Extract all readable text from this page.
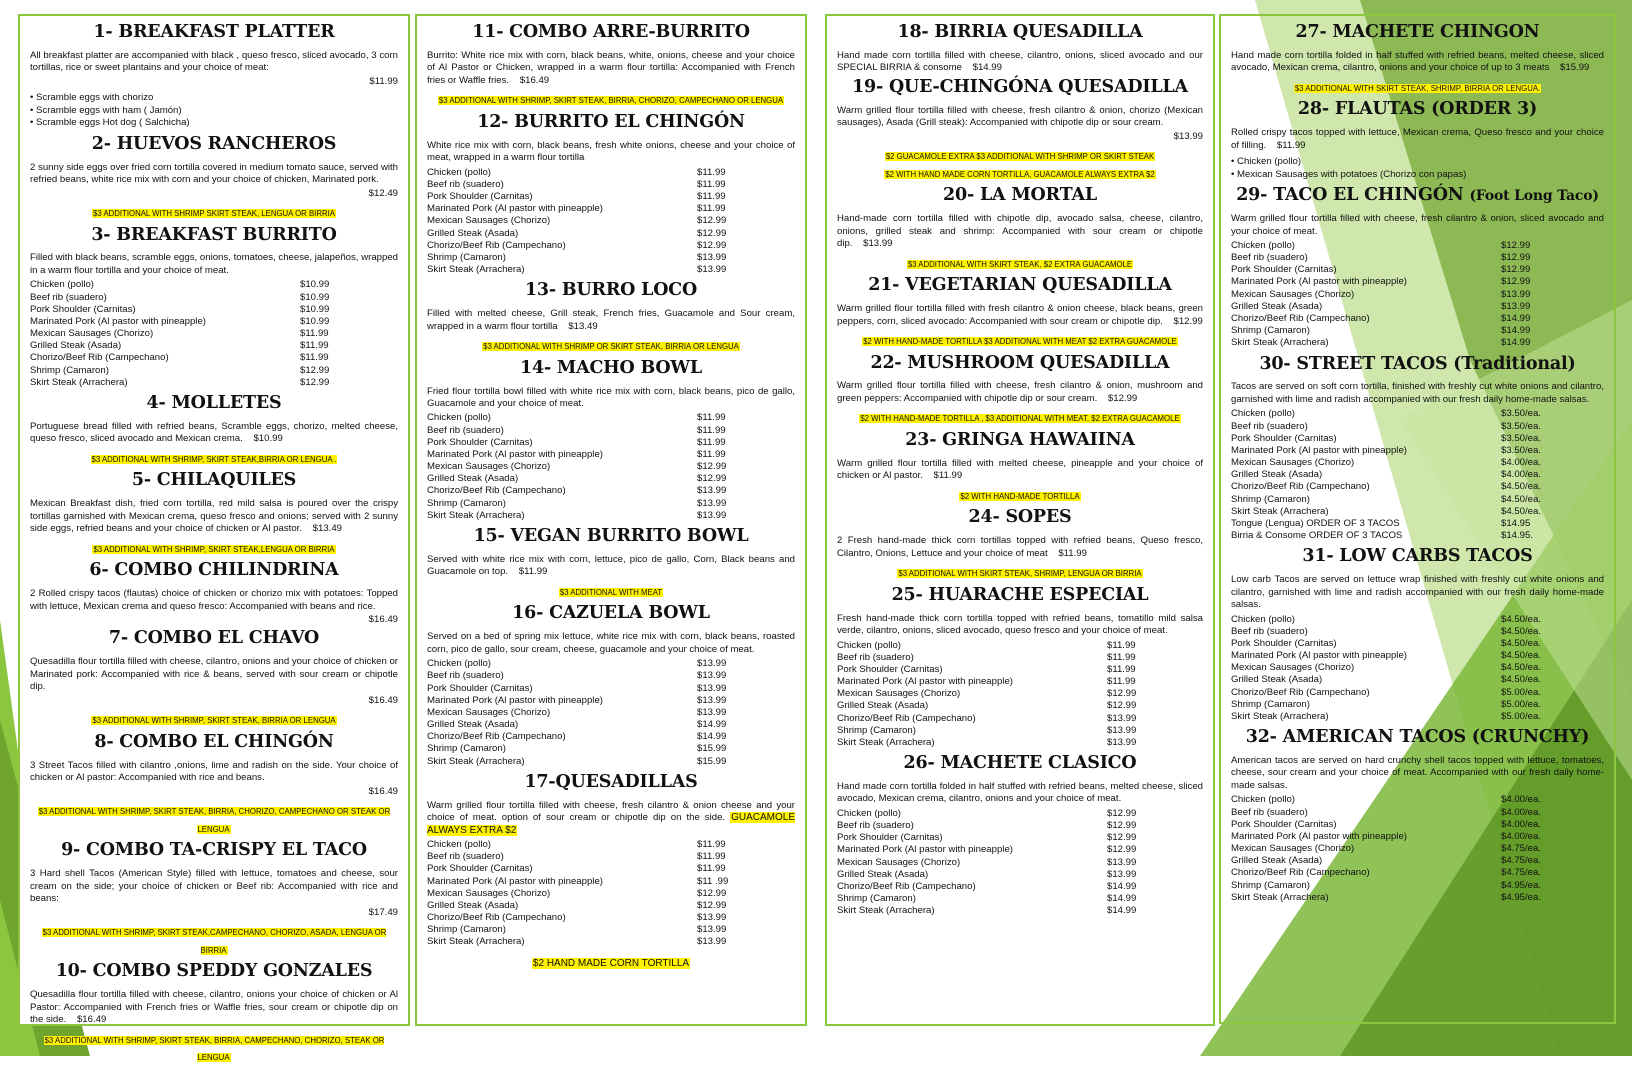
1- BREAKFAST PLATTER

All breakfast platter are accompanied with black , queso fresco, sliced avocado, 3 corn tortillas, rice or sweet plantains and your choice of meat:

$11.99
• Scramble eggs with chorizo
• Scramble eggs with ham ( Jamón)
• Scramble eggs Hot dog ( Salchicha)
2- HUEVOS RANCHEROS

2 sunny side eggs over fried corn tortilla covered in medium tomato sauce, served with refried beans, white rice mix with corn and your choice of chicken, Marinated pork.

$12.49
$3 ADDITIONAL WITH SHRIMP SKIRT STEAK, LENGUA OR BIRRIA
3- BREAKFAST BURRITO

Filled with black beans, scramble eggs, onions, tomatoes, cheese, jalapeños, wrapped in a warm flour tortilla and your choice of meat.

Chicken (pollo)	$10.99
Beef rib (suadero)	$10.99
Pork Shoulder (Carnitas)	$10.99
Marinated Pork (Al pastor with pineapple)	$10.99
Mexican Sausages (Chorizo)	$11.99
Grilled Steak (Asada)	$11.99
Chorizo/Beef Rib (Campechano)	$11.99
Shrimp (Camaron)	$12.99
Skirt Steak (Arrachera)	$12.99
4- MOLLETES

Portuguese bread filled with refried beans, Scramble eggs, chorizo, melted cheese, queso fresco, sliced avocado and Mexican crema. $10.99

$3 ADDITIONAL WITH SHRIMP, SKIRT STEAK,BIRRIA OR LENGUA .
5- CHILAQUILES

Mexican Breakfast dish, fried corn tortilla, red mild salsa is poured over the crispy tortillas garnished with Mexican crema, queso fresco and onions; served with 2 sunny side eggs, refried beans and your choice of chicken or Al pastor. $13.49

$3 ADDITIONAL WITH SHRIMP, SKIRT STEAK,LENGUA OR BIRRIA
6- COMBO CHILINDRINA

2 Rolled crispy tacos (flautas) choice of chicken or chorizo mix with potatoes: Topped with lettuce, Mexican crema and queso fresco: Accompanied with beans and rice.

$16.49
7- COMBO EL CHAVO

Quesadilla flour tortilla filled with cheese, cilantro, onions and your choice of chicken or Marinated pork: Accompanied with rice & beans, served with sour cream or chipotle dip.

$16.49
$3 ADDITIONAL WITH SHRIMP, SKIRT STEAK, BIRRIA OR LENGUA
8- COMBO EL CHINGÓN

3 Street Tacos filled with cilantro ,onions, lime and radish on the side. Your choice of chicken or Al pastor: Accompanied with rice and beans.

$16.49
$3 ADDITIONAL WITH SHRIMP, SKIRT STEAK, BIRRIA, CHORIZO, CAMPECHANO OR STEAK OR LENGUA
9- COMBO TA-CRISPY EL TACO

3 Hard shell Tacos (American Style) filled with lettuce, tomatoes and cheese, sour cream on the side; your choice of chicken or Beef rib: Accompanied with rice and beans:

$17.49
$3 ADDITIONAL WITH SHRIMP, SKIRT STEAK,CAMPECHANO, CHORIZO, ASADA, LENGUA OR BIRRIA
10- COMBO SPEDDY GONZALES

Quesadilla flour tortilla filled with cheese, cilantro, onions your choice of chicken or Al Pastor: Accompanied with French fries or Waffle fries, sour cream or chipotle dip on the side. $16.49

$3 ADDITIONAL WITH SHRIMP, SKIRT STEAK, BIRRIA, CAMPECHANO, CHORIZO, STEAK OR LENGUA
11- COMBO ARRE-BURRITO

Burrito: White rice mix with corn, black beans, white, onions, cheese and your choice of Al Pastor or Chicken, wrapped in a warm flour tortilla: Accompanied with French fries or Waffle fries. $16.49

$3 ADDITIONAL WITH SHRIMP, SKIRT STEAK, BIRRIA, CHORIZO, CAMPECHANO OR LENGUA
12- BURRITO EL CHINGÓN

White rice mix with corn, black beans, fresh white onions, cheese and your choice of meat, wrapped in a warm flour tortilla

Chicken (pollo)	$11.99
Beef rib (suadero)	$11.99
Pork Shoulder (Carnitas)	$11.99
Marinated Pork (Al pastor with pineapple)	$11.99
Mexican Sausages (Chorizo)	$12.99
Grilled Steak (Asada)	$12.99
Chorizo/Beef Rib (Campechano)	$12.99
Shrimp (Camaron)	$13.99
Skirt Steak (Arrachera)	$13.99
13- BURRO LOCO

Filled with melted cheese, Grill steak, French fries, Guacamole and Sour cream, wrapped in a warm flour tortilla $13.49

$3 ADDITIONAL WITH SHRIMP OR SKIRT STEAK, BIRRIA OR LENGUA
14- MACHO BOWL

Fried flour tortilla bowl filled with white rice mix with corn, black beans, pico de gallo, Guacamole and your choice of meat.

Chicken (pollo)	$11.99
Beef rib (suadero)	$11.99
Pork Shoulder (Carnitas)	$11.99
Marinated Pork (Al pastor with pineapple)	$11.99
Mexican Sausages (Chorizo)	$12.99
Grilled Steak (Asada)	$12.99
Chorizo/Beef Rib (Campechano)	$13.99
Shrimp (Camaron)	$13.99
Skirt Steak (Arrachera)	$13.99
15- VEGAN BURRITO BOWL

Served with white rice mix with corn, lettuce, pico de gallo, Corn, Black beans and Guacamole on top. $11.99

$3 ADDITIONAL WITH MEAT
16- CAZUELA BOWL

Served on a bed of spring mix lettuce, white rice mix with corn, black beans, roasted corn, pico de gallo, sour cream, cheese, guacamole and your choice of meat.

Chicken (pollo)	$13.99
Beef rib (suadero)	$13.99
Pork Shoulder (Carnitas)	$13.99
Marinated Pork (Al pastor with pineapple)	$13.99
Mexican Sausages (Chorizo)	$13.99
Grilled Steak (Asada)	$14.99
Chorizo/Beef Rib (Campechano)	$14.99
Shrimp (Camaron)	$15.99
Skirt Steak (Arrachera)	$15.99
17-QUESADILLAS

Warm grilled flour tortilla filled with cheese, fresh cilantro & onion cheese and your choice of meat. option of sour cream or chipotle dip on the side. GUACAMOLE ALWAYS EXTRA $2

Chicken (pollo)	$11.99
Beef rib (suadero)	$11.99
Pork Shoulder (Carnitas)	$11.99
Marinated Pork (Al pastor with pineapple)	$11 .99
Mexican Sausages (Chorizo)	$12.99
Grilled Steak (Asada)	$12.99
Chorizo/Beef Rib (Campechano)	$13.99
Shrimp (Camaron)	$13.99
Skirt Steak (Arrachera)	$13.99
$2 HAND MADE CORN TORTILLA
18- BIRRIA QUESADILLA

Hand made corn tortilla filled with cheese, cilantro, onions, sliced avocado and our SPECIAL BIRRIA & consome $14.99

19- QUE-CHINGÓNA QUESADILLA

Warm grilled flour tortilla filled with cheese, fresh cilantro & onion, chorizo (Mexican sausages), Asada (Grill steak): Accompanied with chipotle dip or sour cream.

$13.99
$2 GUACAMOLE EXTRA $3 ADDITIONAL WITH SHRIMP OR SKIRT STEAK
$2 WITH HAND MADE CORN TORTILLA, GUACAMOLE ALWAYS EXTRA $2
20- LA MORTAL

Hand-made corn tortilla filled with chipotle dip, avocado salsa, cheese, cilantro, onions, grilled steak and shrimp: Accompanied with sour cream or chipotle dip. $13.99

$3 ADDITIONAL WITH SKIRT STEAK, $2 EXTRA GUACAMOLE
21- VEGETARIAN QUESADILLA

Warm grilled flour tortilla filled with fresh cilantro & onion cheese, black beans, green peppers, corn, sliced avocado: Accompanied with sour cream or chipotle dip. $12.99

$2 WITH HAND-MADE TORTILLA $3 ADDITIONAL WITH MEAT $2 EXTRA GUACAMOLE
22- MUSHROOM QUESADILLA

Warm grilled flour tortilla filled with cheese, fresh cilantro & onion, mushroom and green peppers: Accompanied with chipotle dip or sour cream. $12.99

$2 WITH HAND-MADE TORTILLA , $3 ADDITIONAL WITH MEAT, $2 EXTRA GUACAMOLE
23- GRINGA HAWAIINA

Warm grilled flour tortilla filled with melted cheese, pineapple and your choice of chicken or Al pastor. $11.99

$2 WITH HAND-MADE TORTILLA
24- SOPES

2 Fresh hand-made thick corn tortillas topped with refried beans, Queso fresco, Cilantro, Onions, Lettuce and your choice of meat $11.99

$3 ADDITIONAL WITH SKIRT STEAK, SHRIMP, LENGUA OR BIRRIA
25- HUARACHE ESPECIAL

Fresh hand-made thick corn tortilla topped with refried beans, tomatillo mild salsa verde, cilantro, onions, sliced avocado, queso fresco and your choice of meat.

Chicken (pollo)	$11.99
Beef rib (suadero)	$11.99
Pork Shoulder (Carnitas)	$11.99
Marinated Pork (Al pastor with pineapple)	$11.99
Mexican Sausages (Chorizo)	$12.99
Grilled Steak (Asada)	$12.99
Chorizo/Beef Rib (Campechano)	$13.99
Shrimp (Camaron)	$13.99
Skirt Steak (Arrachera)	$13.99
26- MACHETE CLASICO

Hand made corn tortilla folded in half stuffed with refried beans, melted cheese, sliced avocado, Mexican crema, cilantro, onions and your choice of meat.

Chicken (pollo)	$12.99
Beef rib (suadero)	$12.99
Pork Shoulder (Carnitas)	$12.99
Marinated Pork (Al pastor with pineapple)	$12.99
Mexican Sausages (Chorizo)	$13.99
Grilled Steak (Asada)	$13.99
Chorizo/Beef Rib (Campechano)	$14.99
Shrimp (Camaron)	$14.99
Skirt Steak (Arrachera)	$14.99
27- MACHETE CHINGON

Hand made corn tortilla folded in half stuffed with refried beans, melted cheese, sliced avocado, Mexican crema, cilantro, onions and your choice of up to 3 meats $15.99

$3 ADDITIONAL WITH SKIRT STEAK, SHRIMP, BIRRIA OR LENGUA.
28- FLAUTAS (ORDER 3)

Rolled crispy tacos topped with lettuce, Mexican crema, Queso fresco and your choice of filling. $11.99

• Chicken (pollo)
• Mexican Sausages with potatoes (Chorizo con papas)
29- TACO EL CHINGÓN (Foot Long Taco)

Warm grilled flour tortilla filled with cheese, fresh cilantro & onion, sliced avocado and your choice of meat.

Chicken (pollo)	$12.99
Beef rib (suadero)	$12.99
Pork Shoulder (Carnitas)	$12.99
Marinated Pork (Al pastor with pineapple)	$12.99
Mexican Sausages (Chorizo)	$13.99
Grilled Steak (Asada)	$13.99
Chorizo/Beef Rib (Campechano)	$14.99
Shrimp (Camaron)	$14.99
Skirt Steak (Arrachera)	$14.99
30- STREET TACOS (Traditional)

Tacos are served on soft corn tortilla, finished with freshly cut white onions and cilantro, garnished with lime and radish accompanied with our fresh daily home-made salsas.

Chicken (pollo)	$3.50/ea.
Beef rib (suadero)	$3.50/ea.
Pork Shoulder (Carnitas)	$3.50/ea.
Marinated Pork (Al pastor with pineapple)	$3.50/ea.
Mexican Sausages (Chorizo)	$4.00/ea.
Grilled Steak (Asada)	$4.00/ea.
Chorizo/Beef Rib (Campechano)	$4.50/ea.
Shrimp (Camaron)	$4.50/ea.
Skirt Steak (Arrachera)	$4.50/ea.
Tongue (Lengua) ORDER OF 3 TACOS	$14.95
Birria & Consome ORDER OF 3 TACOS	$14.95.
31- LOW CARBS TACOS

Low carb Tacos are served on lettuce wrap finished with freshly cut white onions and cilantro, garnished with lime and radish accompanied with our fresh daily home-made salsas.

Chicken (pollo)	$4.50/ea.
Beef rib (suadero)	$4.50/ea.
Pork Shoulder (Carnitas)	$4.50/ea.
Marinated Pork (Al pastor with pineapple)	$4.50/ea.
Mexican Sausages (Chorizo)	$4.50/ea.
Grilled Steak (Asada)	$4.50/ea.
Chorizo/Beef Rib (Campechano)	$5.00/ea.
Shrimp (Camaron)	$5.00/ea.
Skirt Steak (Arrachera)	$5.00/ea.
32- AMERICAN TACOS (CRUNCHY)

American tacos are served on hard crunchy shell tacos topped with lettuce, tomatoes, cheese, sour cream and your choice of meat. Accompanied with our fresh daily home-made salsas.

Chicken (pollo)	$4.00/ea.
Beef rib (suadero)	$4.00/ea.
Pork Shoulder (Carnitas)	$4.00/ea.
Marinated Pork (Al pastor with pineapple)	$4.00/ea.
Mexican Sausages (Chorizo)	$4.75/ea.
Grilled Steak (Asada)	$4.75/ea.
Chorizo/Beef Rib (Campechano)	$4.75/ea.
Shrimp (Camaron)	$4.95/ea.
Skirt Steak (Arrachera)	$4.95/ea.
